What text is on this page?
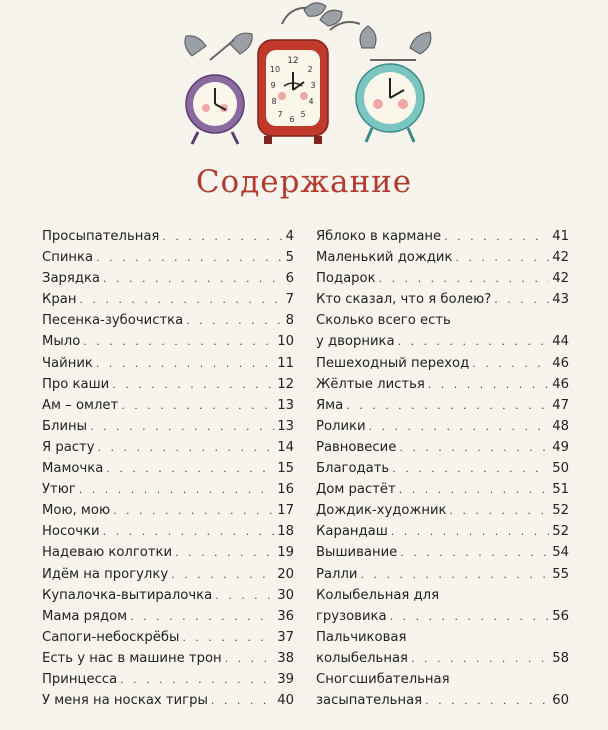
12
2
3
4
5
6
7
8
9
10
Содержание
Просыпательная . . .	4
Спинка . . .	5
Зарядка . . .	6
Кран . . .	7
Песенка-зубочистка . . .	8
Мыло . . .	10
Чайник . . .	11
Про каши . . .	12
Ам – омлет . . .	13
Блины . . .	13
Я расту . . .	14
Мамочка . . .	15
Утюг . . .	16
Мою, мою . . .	17
Носочки . . .	18
Надеваю колготки . . .	19
Идём на прогулку . . .	20
Купалочка-вытиралочка . . .	30
Мама рядом . . .	36
Сапоги-небоскрёбы . . .	37
Есть у нас в машине трон . . .	38
Принцесса . . .	39
У меня на носках тигры . . .	40
Яблоко в кармане . . .	41
Маленький дождик . . .	42
Подарок . . .	42
Кто сказал, что я болею? . . .	43
Сколько всего есть
у дворника . . .	44
Пешеходный переход . . .	46
Жёлтые листья . . .	46
Яма . . .	47
Ролики . . .	48
Равновесие . . .	49
Благодать . . .	50
Дом растёт . . .	51
Дождик-художник . . .	52
Карандаш . . .	52
Вышивание . . .	54
Ралли . . .	55
Колыбельная для
грузовика . . .	56
Пальчиковая
колыбельная . . .	58
Сногсшибательная
засыпательная . . .	60
